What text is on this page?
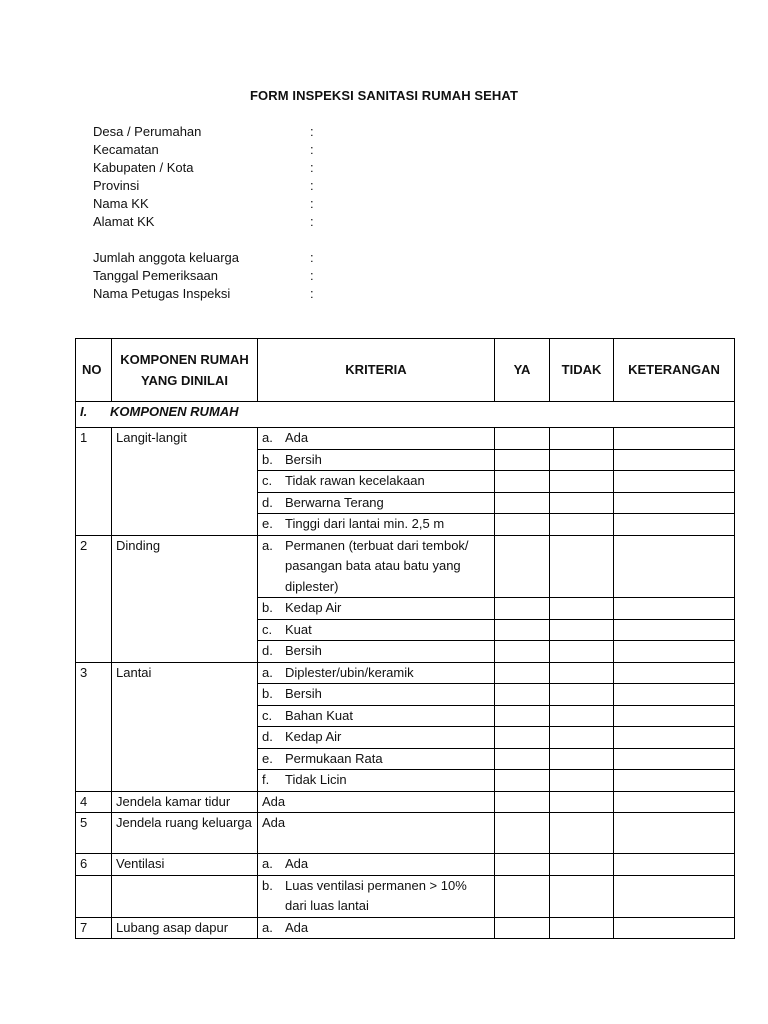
FORM INSPEKSI SANITASI RUMAH SEHAT
Desa / Perumahan	:
Kecamatan	:
Kabupaten / Kota	:
Provinsi	:
Nama KK	:
Alamat KK	:
Jumlah anggota keluarga	:
Tanggal Pemeriksaan	:
Nama Petugas Inspeksi	:
NO	KOMPONEN RUMAH YANG DINILAI	KRITERIA	YA	TIDAK	KETERANGAN
I. KOMPONEN RUMAH					
1	Langit-langit	a. Ada			

		b. Bersih			

		c. Tidak rawan kecelakaan			

		d. Berwarna Terang			

		e. Tinggi dari lantai min. 2,5 m			

2	Dinding	a. Permanen (terbuat dari tembok/ pasangan bata atau batu yang diplester)			

		b. Kedap Air			

		c. Kuat			

		d. Bersih			

3	Lantai	a. Diplester/ubin/keramik			

		b. Bersih			

		c. Bahan Kuat			

		d. Kedap Air			

		e. Permukaan Rata			

		f. Tidak Licin			

4	Jendela kamar tidur	Ada			

5	Jendela ruang keluarga	Ada			

6	Ventilasi	a. Ada			

		b. Luas ventilasi permanen > 10% dari luas lantai			

7	Lubang asap dapur	a. Ada			
